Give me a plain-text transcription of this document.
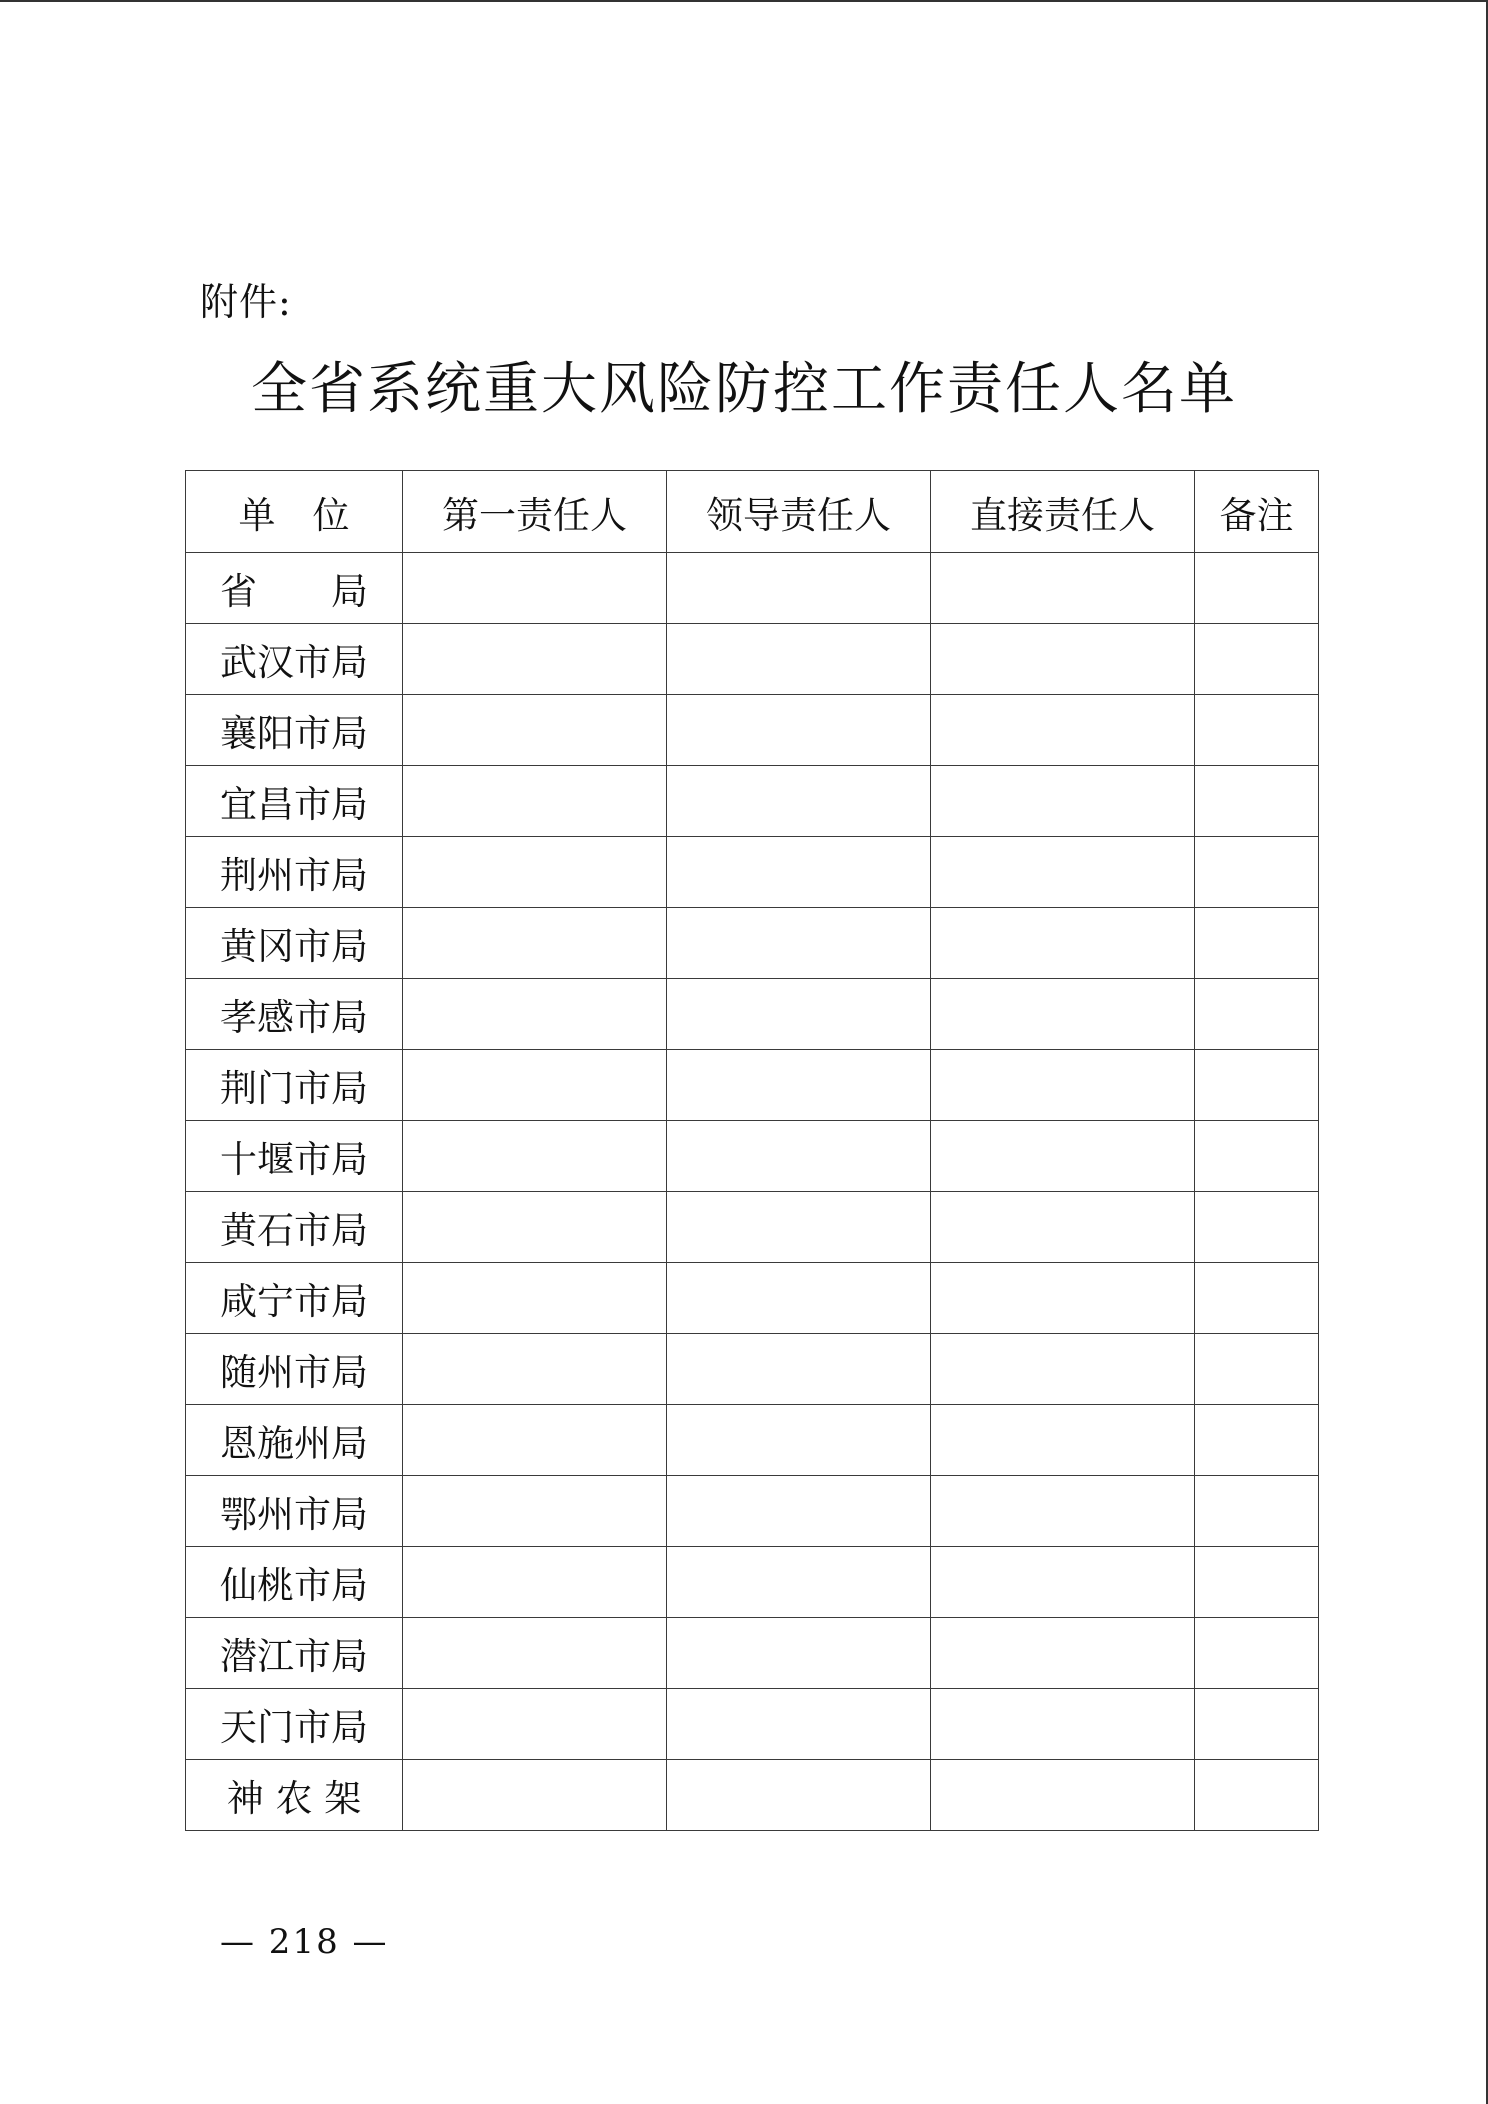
附件:
全省系统重大风险防控工作责任人名单
单　位	第一责任人	领导责任人	直接责任人	备注
省　　局				
武汉市局				
襄阳市局				
宜昌市局				
荆州市局				
黄冈市局				
孝感市局				
荆门市局				
十堰市局				
黄石市局				
咸宁市局				
随州市局				
恩施州局				
鄂州市局				
仙桃市局				
潜江市局				
天门市局				
神 农 架				
— 218 —
